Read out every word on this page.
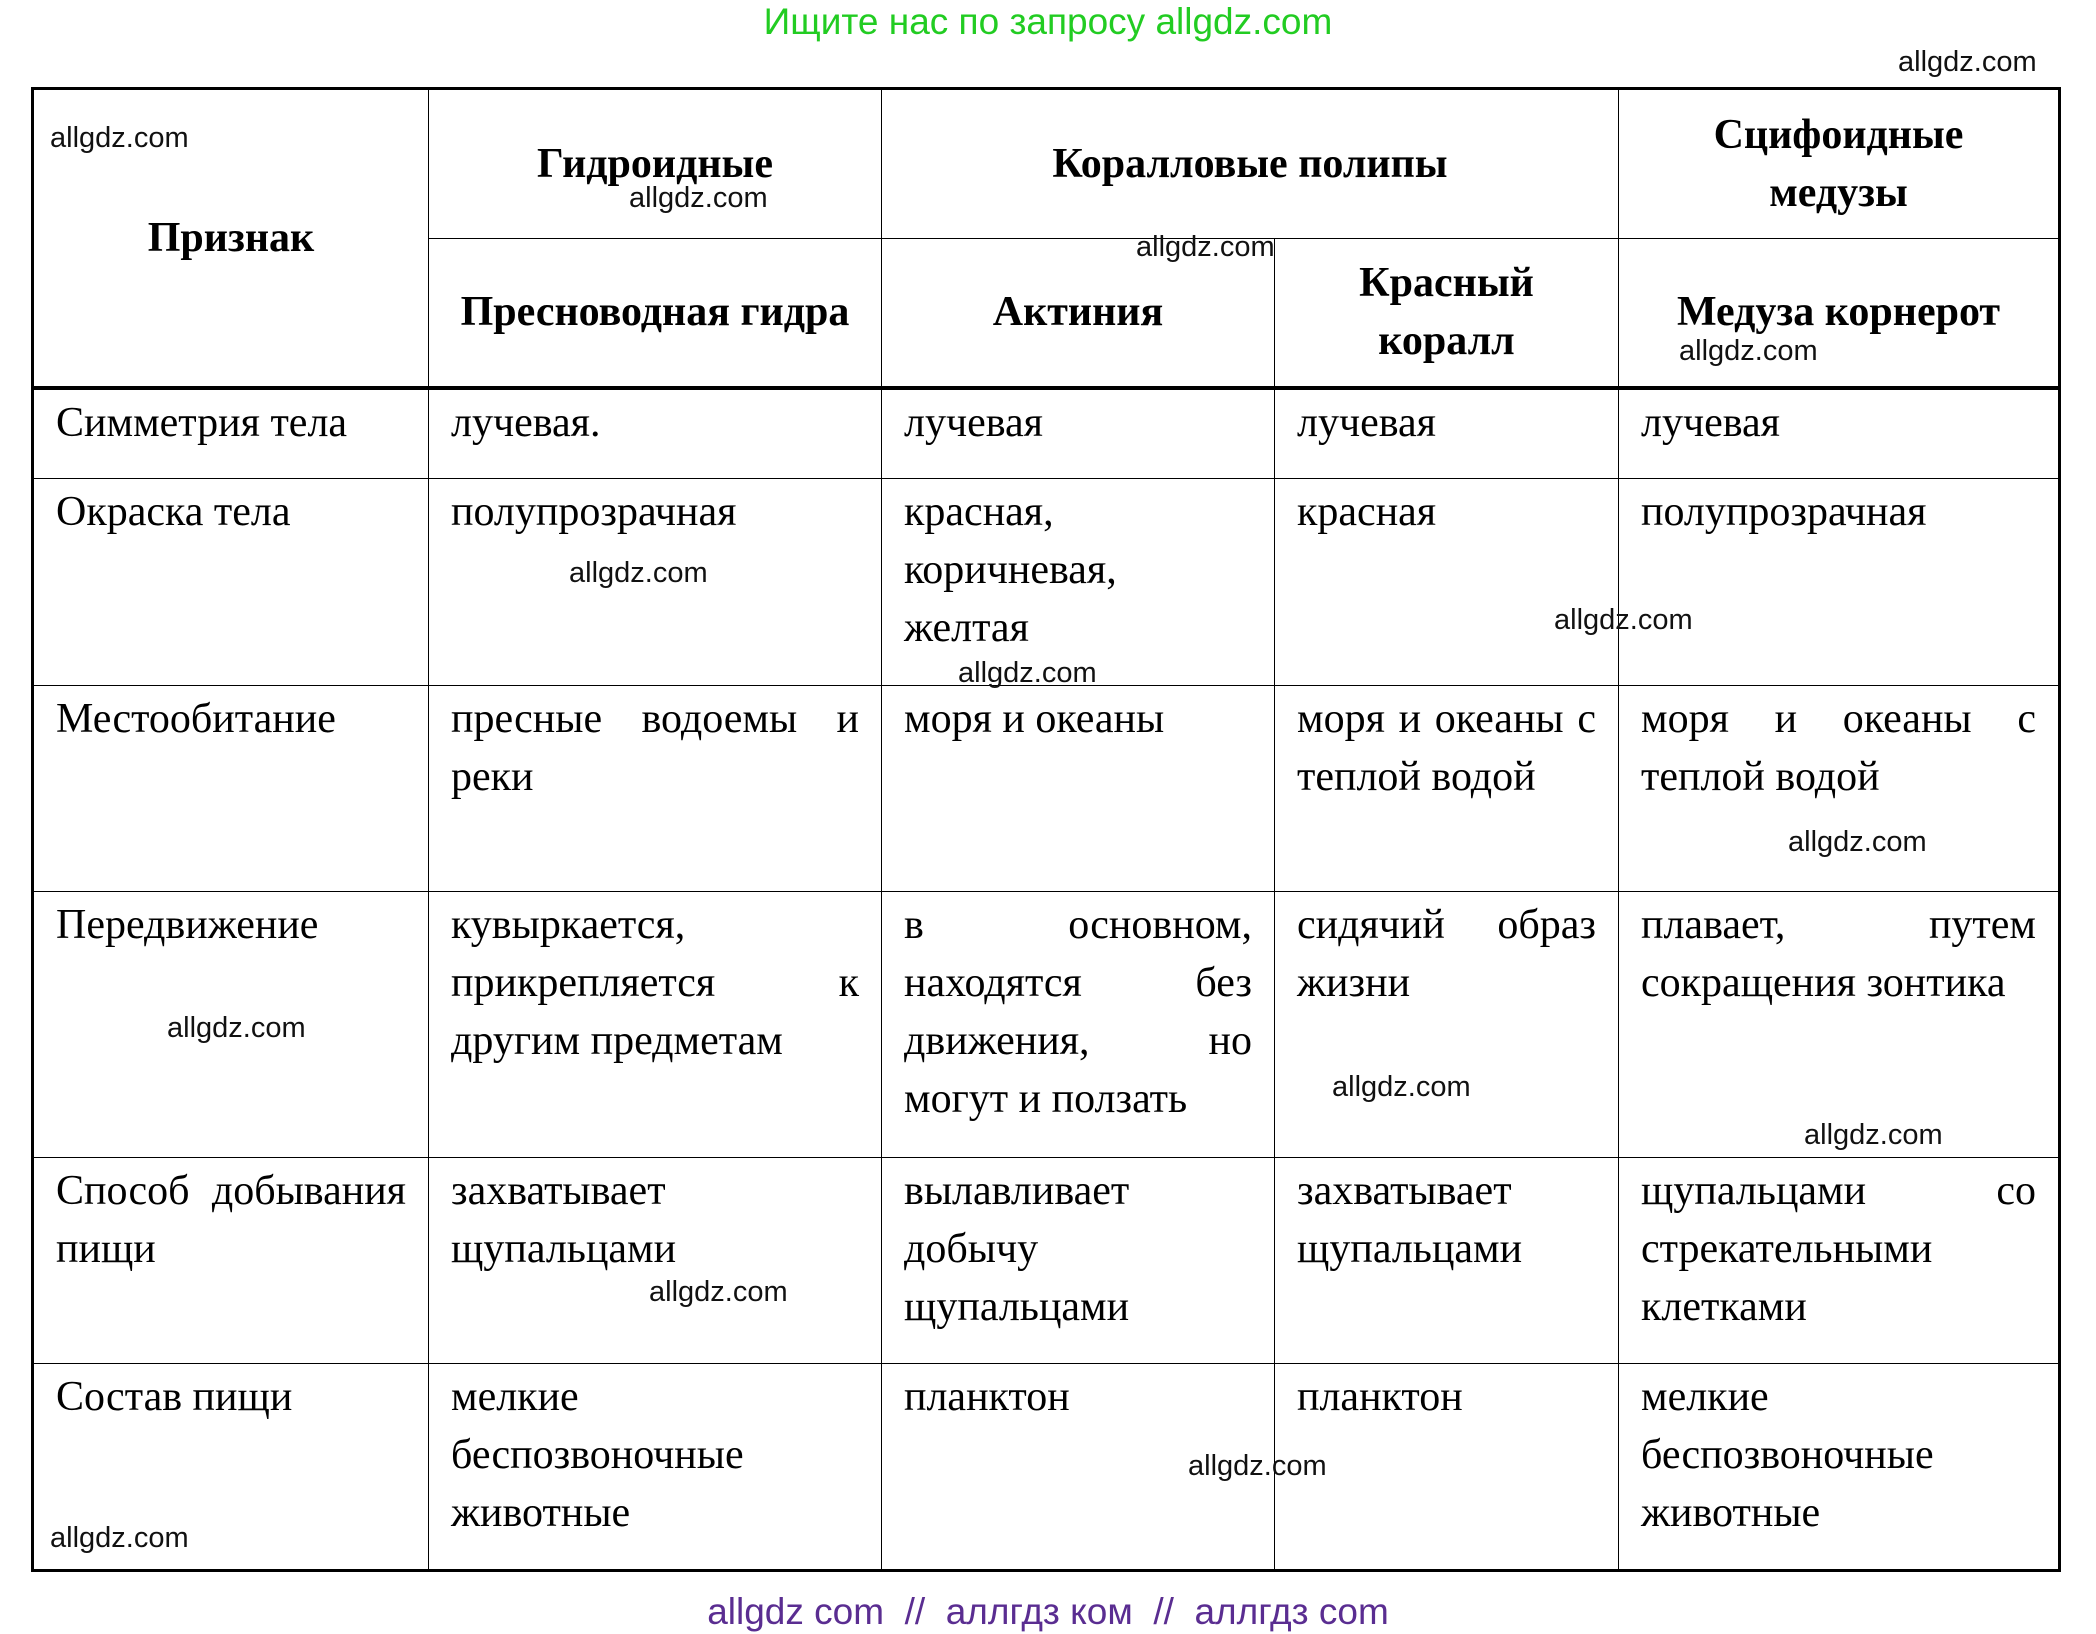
Ищите нас по запросу allgdz.com
Признак	Гидроидные	Коралловые полипы		Сцифоидные медузы
	Пресноводная гидра	Актиния	Красный коралл	Медуза корнерот
Симметрия тела	лучевая.	лучевая	лучевая	лучевая
Окраска тела	полупрозрачная	красная, коричневая, желтая	красная	полупрозрачная
Местообитание	пресные водоемы и реки	моря и океаны	моря и океаны с теплой водой	моря и океаны с теплой водой
Передвижение	кувыркается, прикрепляется к другим предметам	в основном, находятся без движения, но могут и ползать	сидячий образ жизни	плавает, путем сокращения зонтика
Способ добывания пищи	захватывает щупальцами	вылавливает добычу щупальцами	захватывает щупальцами	щупальцами со стрекательными клетками
Состав пищи	мелкие беспозвоночные животные	планктон	планктон	мелкие беспозвоночные животные
allgdz.com
allgdz.com
allgdz.com
allgdz.com
allgdz.com
allgdz.com
allgdz.com
allgdz.com
allgdz.com
allgdz.com
allgdz.com
allgdz.com
allgdz.com
allgdz.com
allgdz.com
allgdz com  //  аллгдз ком  //  аллгдз com
